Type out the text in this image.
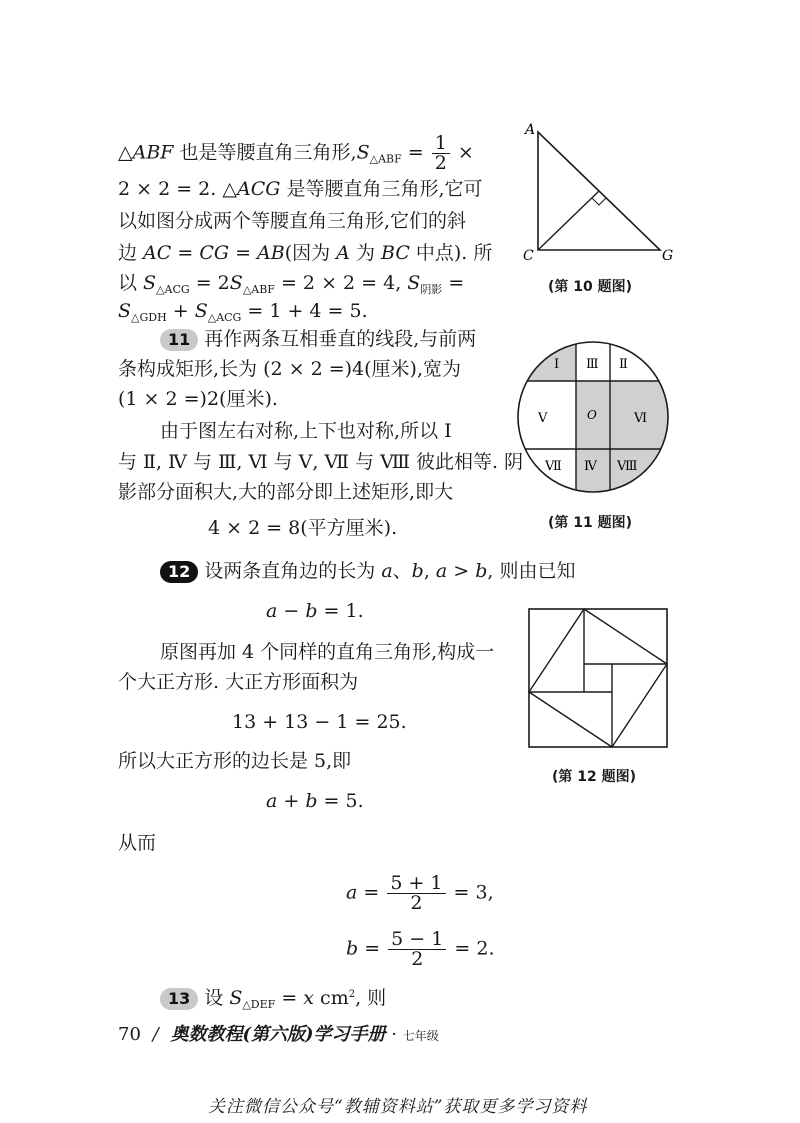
△ABF 也是等腰直角三角形$,S_{\triangle ABF} = \frac{1}{2}$ ×
2 × 2 = 2. △ACG 是等腰直角三角形,它可
以如图分成两个等腰直角三角形,它们的斜
边 AC = CG = AB(因为 A 为 BC 中点). 所
以 $S_{\triangle ACG} = 2S_{\triangle ABF} = 2 \times 2 = 4$, $S_{阴影}$ =
$S_{\triangle GDH} + S_{\triangle ACG} = 1 + 4 = 5$.
A
C	G
(第 10 题图)
11 再作两条互相垂直的线段,与前两
条构成矩形,长为 (2 × 2 =)4(厘米),宽为
(1 × 2 =)2(厘米).
由于图左右对称,上下也对称,所以 Ⅰ
与 Ⅱ, Ⅳ 与 Ⅲ, Ⅵ 与 Ⅴ, Ⅶ 与 Ⅷ 彼此相等. 阴
影部分面积大,大的部分即上述矩形,即大
4 × 2 = 8(平方厘米).
Ⅰ Ⅲ Ⅱ
Ⅴ	O	Ⅵ
Ⅶ Ⅳ Ⅷ
(第 11 题图)
12 设两条直角边的长为 a、b, a > b, 则由已知
a − b = 1.
原图再加 4 个同样的直角三角形,构成一
个大正方形. 大正方形面积为
13 + 13 − 1 = 25.
所以大正方形的边长是 5,即
a + b = 5.
从而
$a = \frac{5 + 1}{2} = 3$,
$b = \frac{5 - 1}{2} = 2$.
(第 12 题图)
13 设 $S_{\triangle DEF} = x$ $cm^2$, 则
70 / 奥数教程(第六版)学习手册 · 七年级
关注微信公众号“教辅资料站”获取更多学习资料
